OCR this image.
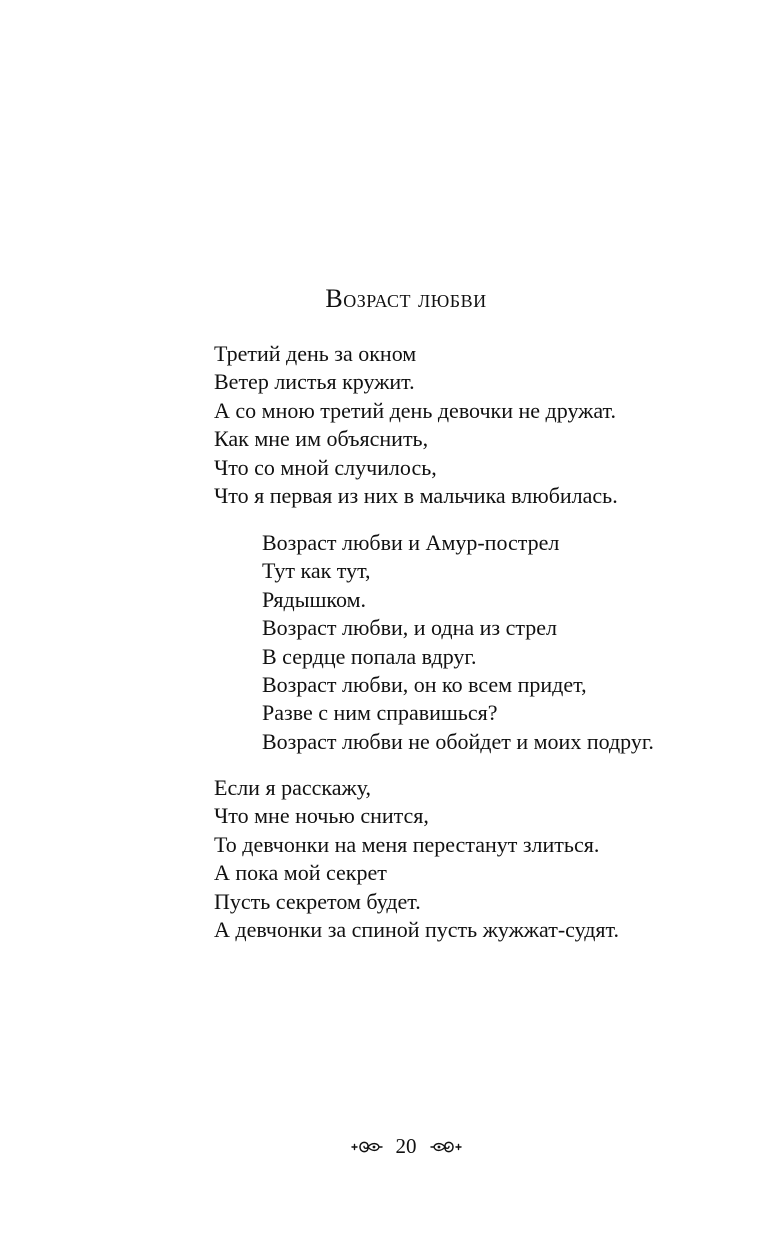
Возраст любви
Третий день за окном
Ветер листья кружит.
А со мною третий день девочки не дружат.
Как мне им объяснить,
Что со мной случилось,
Что я первая из них в мальчика влюбилась.
Возраст любви и Амур-пострел
Тут как тут,
Рядышком.
Возраст любви, и одна из стрел
В сердце попала вдруг.
Возраст любви, он ко всем придет,
Разве с ним справишься?
Возраст любви не обойдет и моих подруг.
Если я расскажу,
Что мне ночью снится,
То девчонки на меня перестанут злиться.
А пока мой секрет
Пусть секретом будет.
А девчонки за спиной пусть жужжат-судят.
20
